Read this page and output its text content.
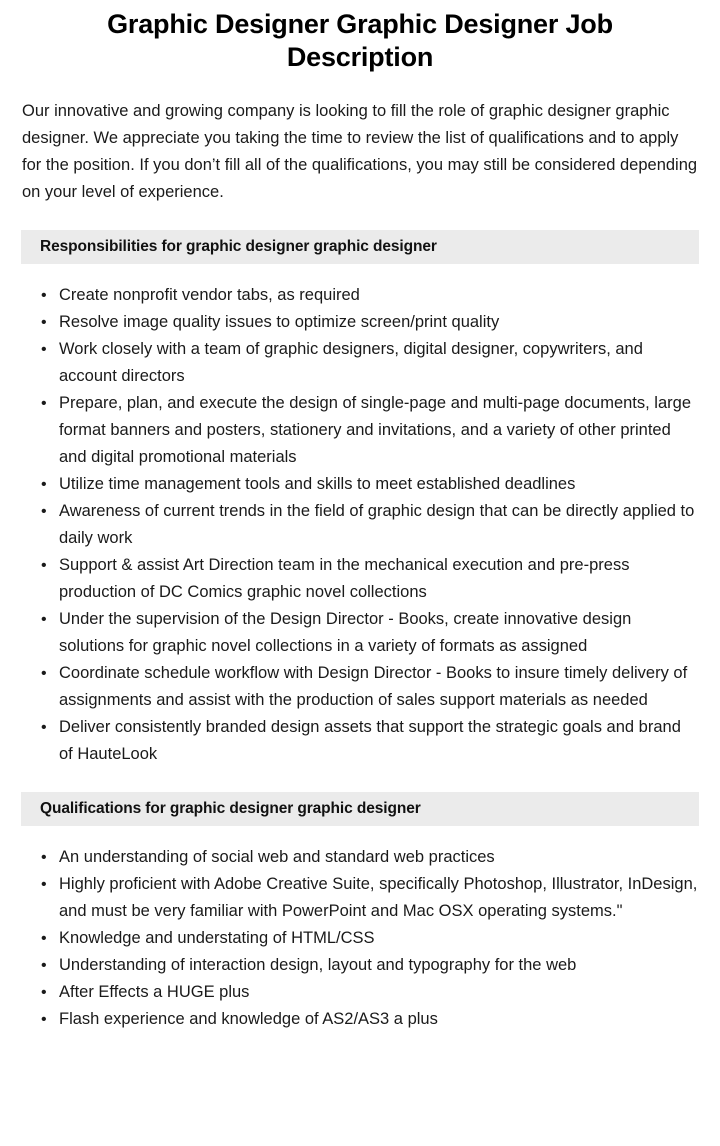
Graphic Designer Graphic Designer Job Description

Our innovative and growing company is looking to fill the role of graphic designer graphic designer. We appreciate you taking the time to review the list of qualifications and to apply for the position. If you don’t fill all of the qualifications, you may still be considered depending on your level of experience.

Responsibilities for graphic designer graphic designer
• Create nonprofit vendor tabs, as required
• Resolve image quality issues to optimize screen/print quality
• Work closely with a team of graphic designers, digital designer, copywriters, and account directors
• Prepare, plan, and execute the design of single-page and multi-page documents, large format banners and posters, stationery and invitations, and a variety of other printed and digital promotional materials
• Utilize time management tools and skills to meet established deadlines
• Awareness of current trends in the field of graphic design that can be directly applied to daily work
• Support & assist Art Direction team in the mechanical execution and pre-press production of DC Comics graphic novel collections
• Under the supervision of the Design Director - Books, create innovative design solutions for graphic novel collections in a variety of formats as assigned
• Coordinate schedule workflow with Design Director - Books to insure timely delivery of assignments and assist with the production of sales support materials as needed
• Deliver consistently branded design assets that support the strategic goals and brand of HauteLook
Qualifications for graphic designer graphic designer
• An understanding of social web and standard web practices
• Highly proficient with Adobe Creative Suite, specifically Photoshop, Illustrator, InDesign, and must be very familiar with PowerPoint and Mac OSX operating systems."
• Knowledge and understating of HTML/CSS
• Understanding of interaction design, layout and typography for the web
• After Effects a HUGE plus
• Flash experience and knowledge of AS2/AS3 a plus
